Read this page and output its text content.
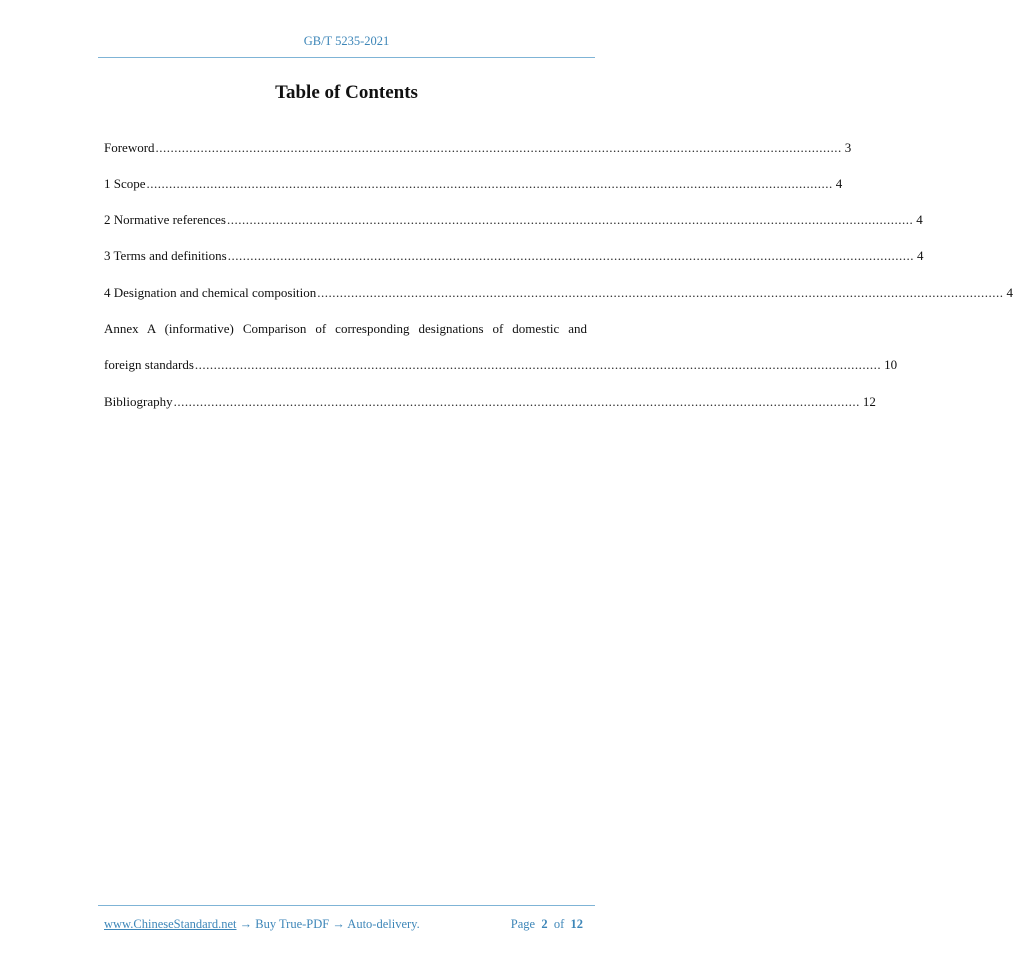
GB/T 5235-2021
Table of Contents
Foreword ....................................................................................................................................................................................... 3
1 Scope ....................................................................................................................................................................................... 4
2 Normative references ....................................................................................................................................................................................... 4
3 Terms and definitions ....................................................................................................................................................................................... 4
4 Designation and chemical composition ....................................................................................................................................................................................... 4
Annex A (informative) Comparison of corresponding designations of domestic and
foreign standards ....................................................................................................................................................................................... 10
Bibliography ....................................................................................................................................................................................... 12
www.ChineseStandard.net → Buy True-PDF → Auto-delivery.	Page 2 of 12
